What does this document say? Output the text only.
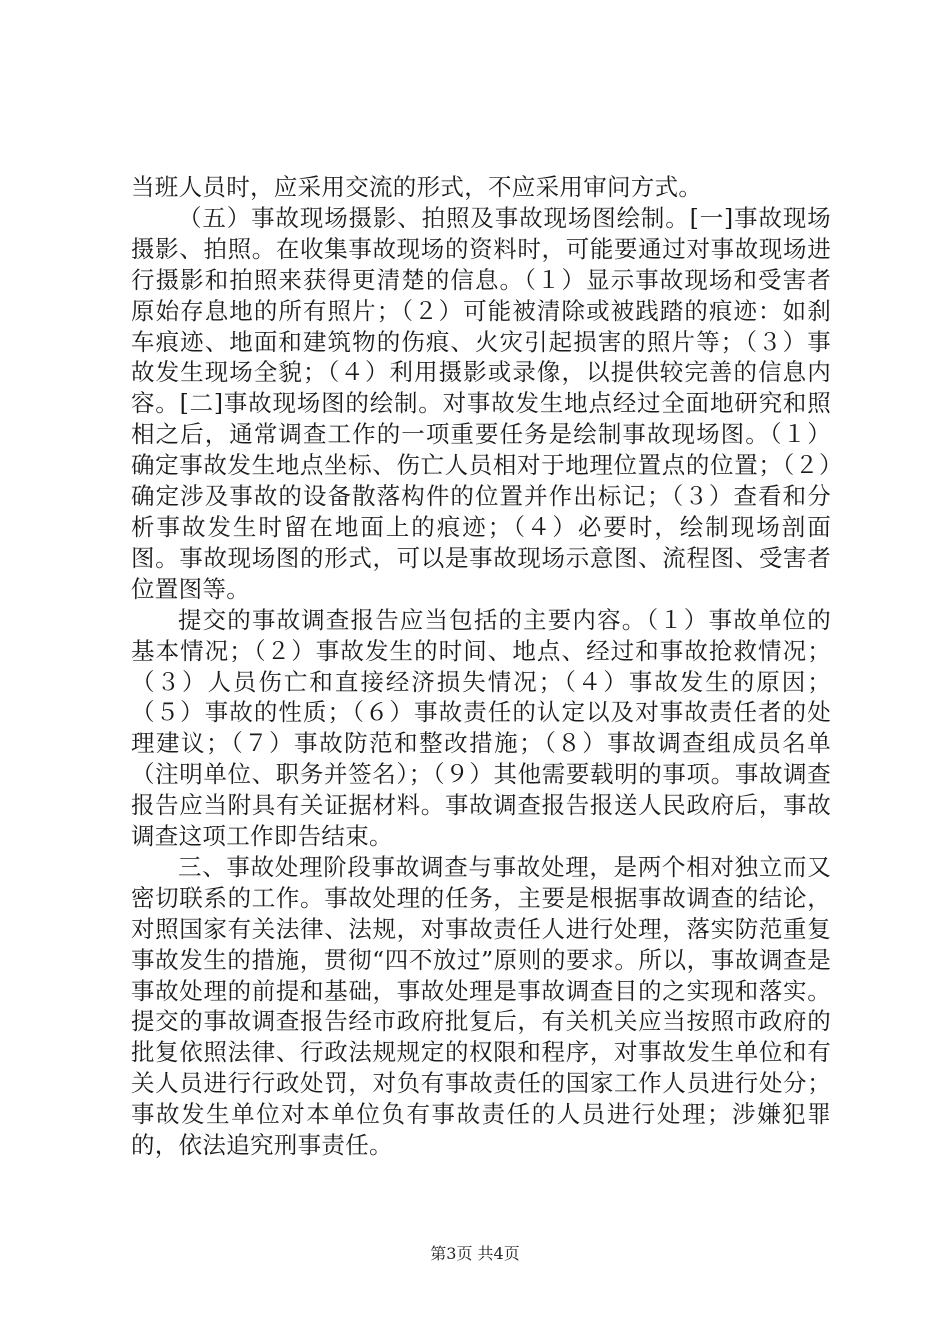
当班人员时，应采用交流的形式，不应采用审问方式。

（五）事故现场摄影、拍照及事故现场图绘制。[一]事故现场摄影、拍照。在收集事故现场的资料时，可能要通过对事故现场进行摄影和拍照来获得更清楚的信息。（１）显示事故现场和受害者原始存息地的所有照片；（２）可能被清除或被践踏的痕迹：如刹车痕迹、地面和建筑物的伤痕、火灾引起损害的照片等；（３）事故发生现场全貌；（４）利用摄影或录像，以提供较完善的信息内容。[二]事故现场图的绘制。对事故发生地点经过全面地研究和照相之后，通常调查工作的一项重要任务是绘制事故现场图。（１）确定事故发生地点坐标、伤亡人员相对于地理位置点的位置；（２）确定涉及事故的设备散落构件的位置并作出标记；（３）查看和分析事故发生时留在地面上的痕迹；（４）必要时，绘制现场剖面图。事故现场图的形式，可以是事故现场示意图、流程图、受害者位置图等。

提交的事故调查报告应当包括的主要内容。（１）事故单位的基本情况；（２）事故发生的时间、地点、经过和事故抢救情况；（３）人员伤亡和直接经济损失情况；（４）事故发生的原因；（５）事故的性质；（６）事故责任的认定以及对事故责任者的处理建议；（７）事故防范和整改措施；（８）事故调查组成员名单（注明单位、职务并签名）；（９）其他需要载明的事项。事故调查报告应当附具有关证据材料。事故调查报告报送人民政府后，事故调查这项工作即告结束。

三、事故处理阶段事故调查与事故处理，是两个相对独立而又密切联系的工作。事故处理的任务，主要是根据事故调查的结论，对照国家有关法律、法规，对事故责任人进行处理，落实防范重复事故发生的措施，贯彻“四不放过”原则的要求。所以，事故调查是事故处理的前提和基础，事故处理是事故调查目的之实现和落实。提交的事故调查报告经市政府批复后，有关机关应当按照市政府的批复依照法律、行政法规规定的权限和程序，对事故发生单位和有关人员进行行政处罚，对负有事故责任的国家工作人员进行处分；事故发生单位对本单位负有事故责任的人员进行处理；涉嫌犯罪的，依法追究刑事责任。

第3页 共4页
